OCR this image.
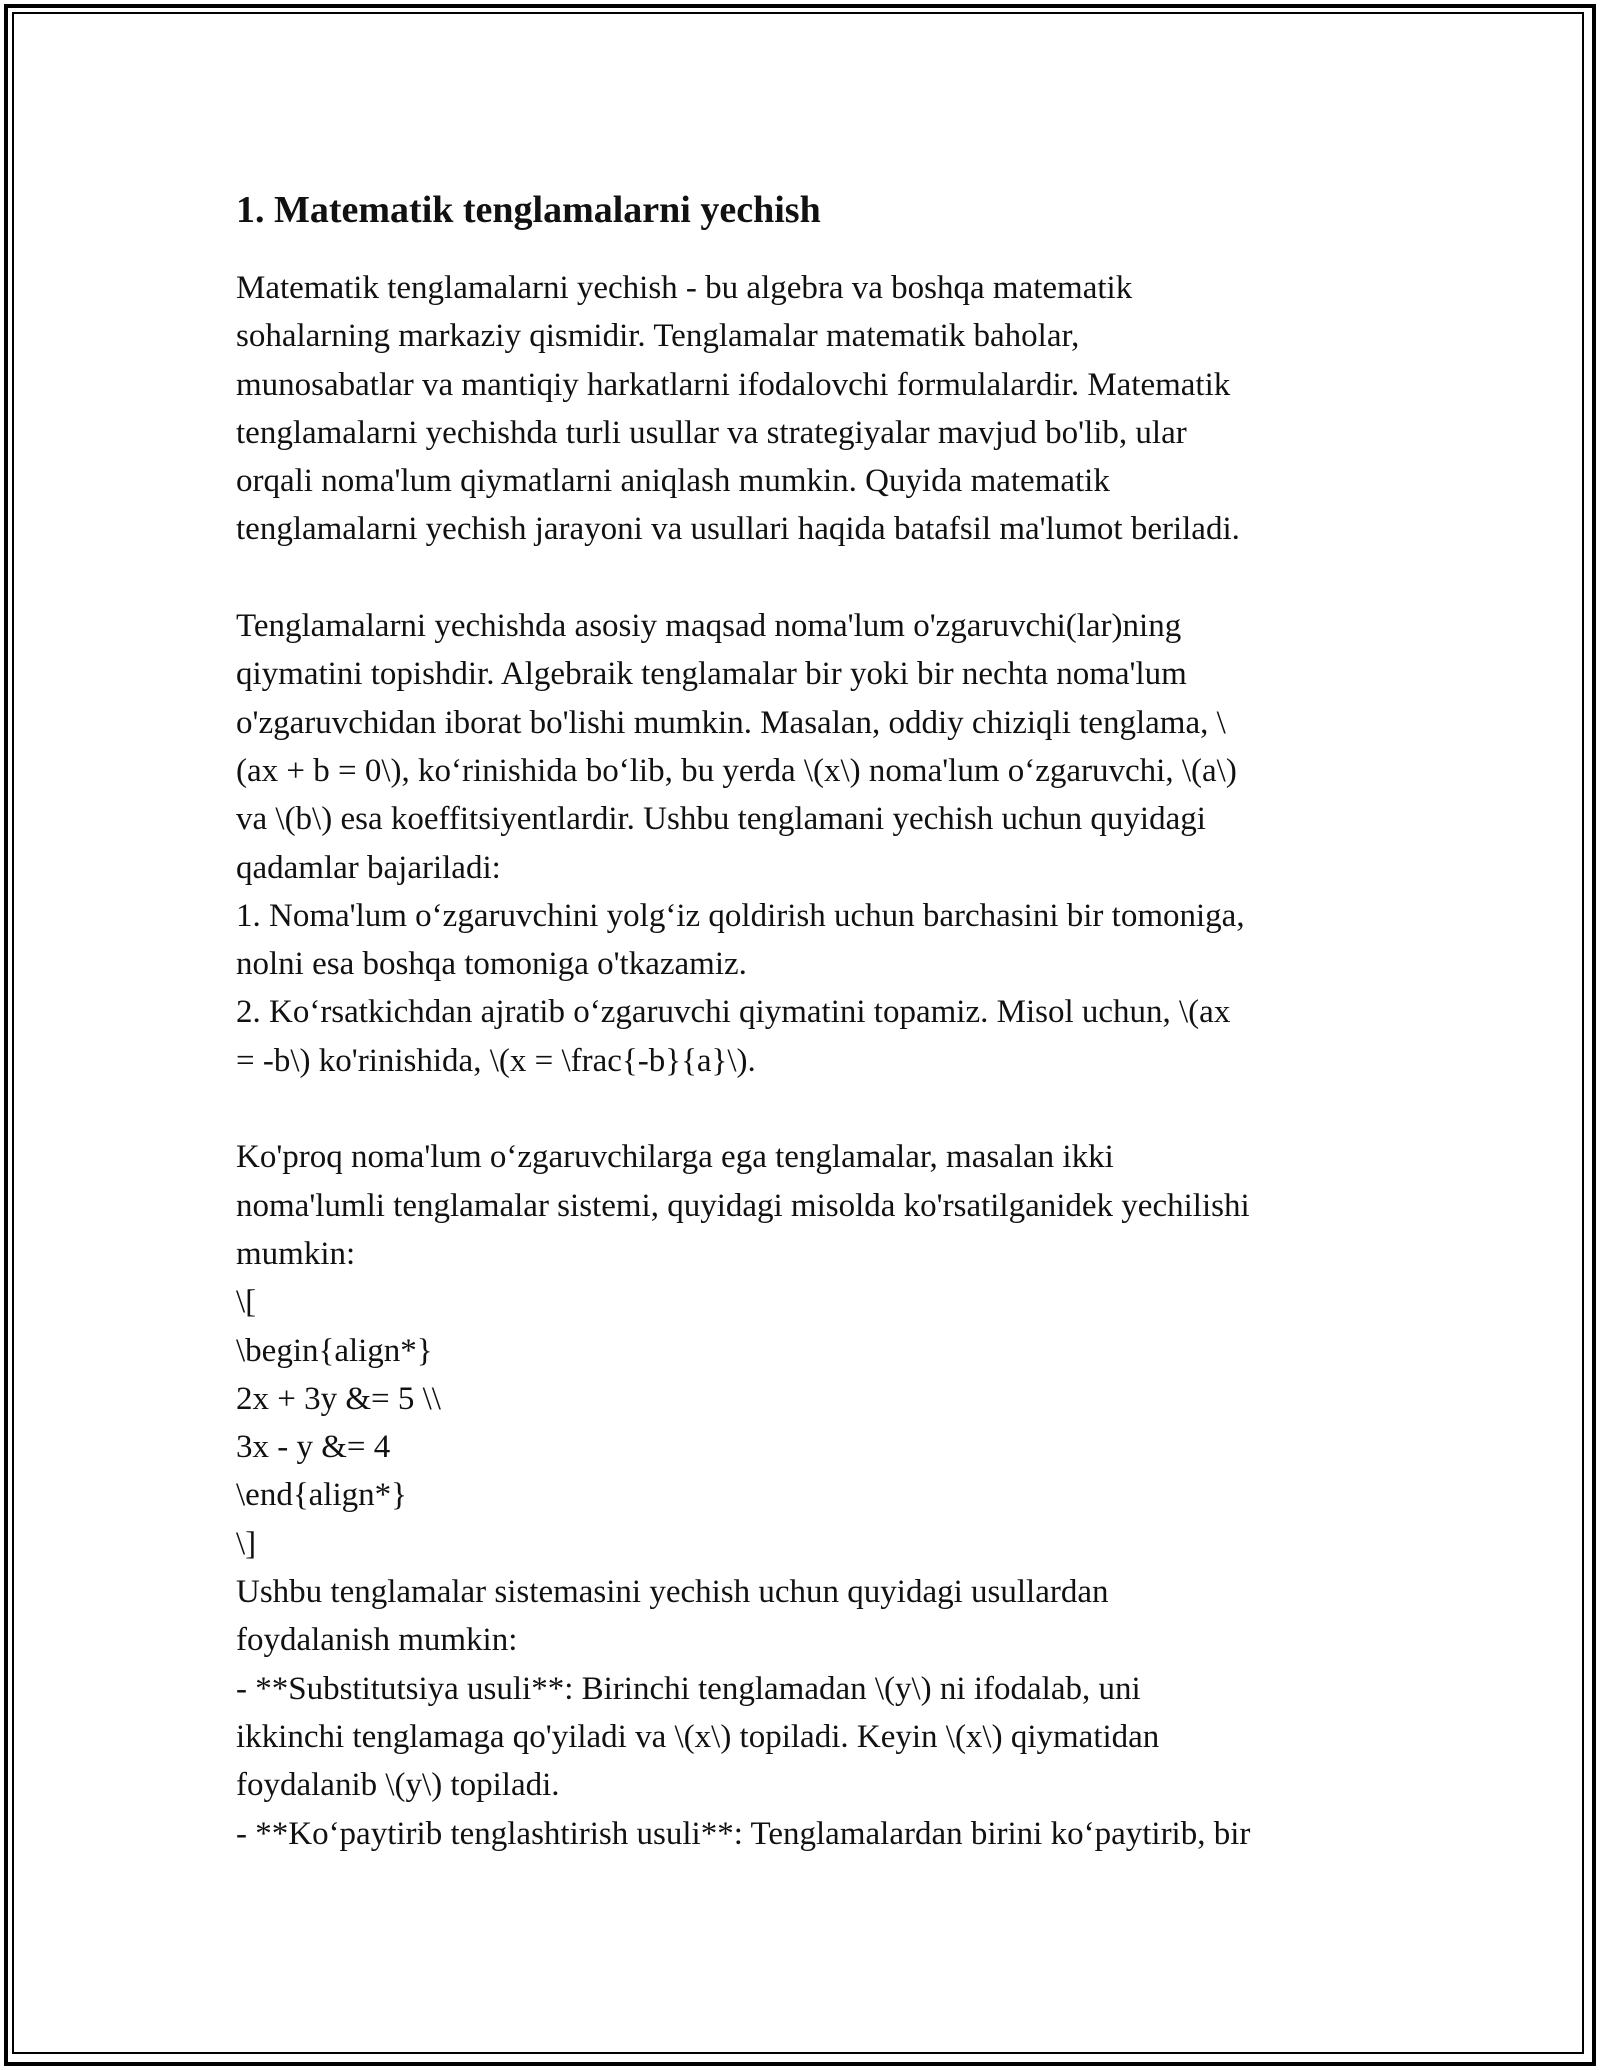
1. Matematik tenglamalarni yechish
Matematik tenglamalarni yechish - bu algebra va boshqa matematik
sohalarning markaziy qismidir. Tenglamalar matematik baholar,
munosabatlar va mantiqiy harkatlarni ifodalovchi formulalardir. Matematik
tenglamalarni yechishda turli usullar va strategiyalar mavjud bo'lib, ular
orqali noma'lum qiymatlarni aniqlash mumkin. Quyida matematik
tenglamalarni yechish jarayoni va usullari haqida batafsil ma'lumot beriladi.
Tenglamalarni yechishda asosiy maqsad noma'lum o'zgaruvchi(lar)ning
qiymatini topishdir. Algebraik tenglamalar bir yoki bir nechta noma'lum
o'zgaruvchidan iborat bo'lishi mumkin. Masalan, oddiy chiziqli tenglama, \
(ax + b = 0\), ko‘rinishida bo‘lib, bu yerda \(x\) noma'lum o‘zgaruvchi, \(a\)
va \(b\) esa koeffitsiyentlardir. Ushbu tenglamani yechish uchun quyidagi
qadamlar bajariladi:
1. Noma'lum o‘zgaruvchini yolg‘iz qoldirish uchun barchasini bir tomoniga,
nolni esa boshqa tomoniga o'tkazamiz.
2. Ko‘rsatkichdan ajratib o‘zgaruvchi qiymatini topamiz. Misol uchun, \(ax
= -b\) ko'rinishida, \(x = \frac{-b}{a}\).
Ko'proq noma'lum o‘zgaruvchilarga ega tenglamalar, masalan ikki
noma'lumli tenglamalar sistemi, quyidagi misolda ko'rsatilganidek yechilishi
mumkin:
\[
\begin{align*}
2x + 3y &= 5 \\
3x - y &= 4
\end{align*}
\]
Ushbu tenglamalar sistemasini yechish uchun quyidagi usullardan
foydalanish mumkin:
- **Substitutsiya usuli**: Birinchi tenglamadan \(y\) ni ifodalab, uni
ikkinchi tenglamaga qo'yiladi va \(x\) topiladi. Keyin \(x\) qiymatidan
foydalanib \(y\) topiladi.
- **Ko‘paytirib tenglashtirish usuli**: Tenglamalardan birini ko‘paytirib, bir
